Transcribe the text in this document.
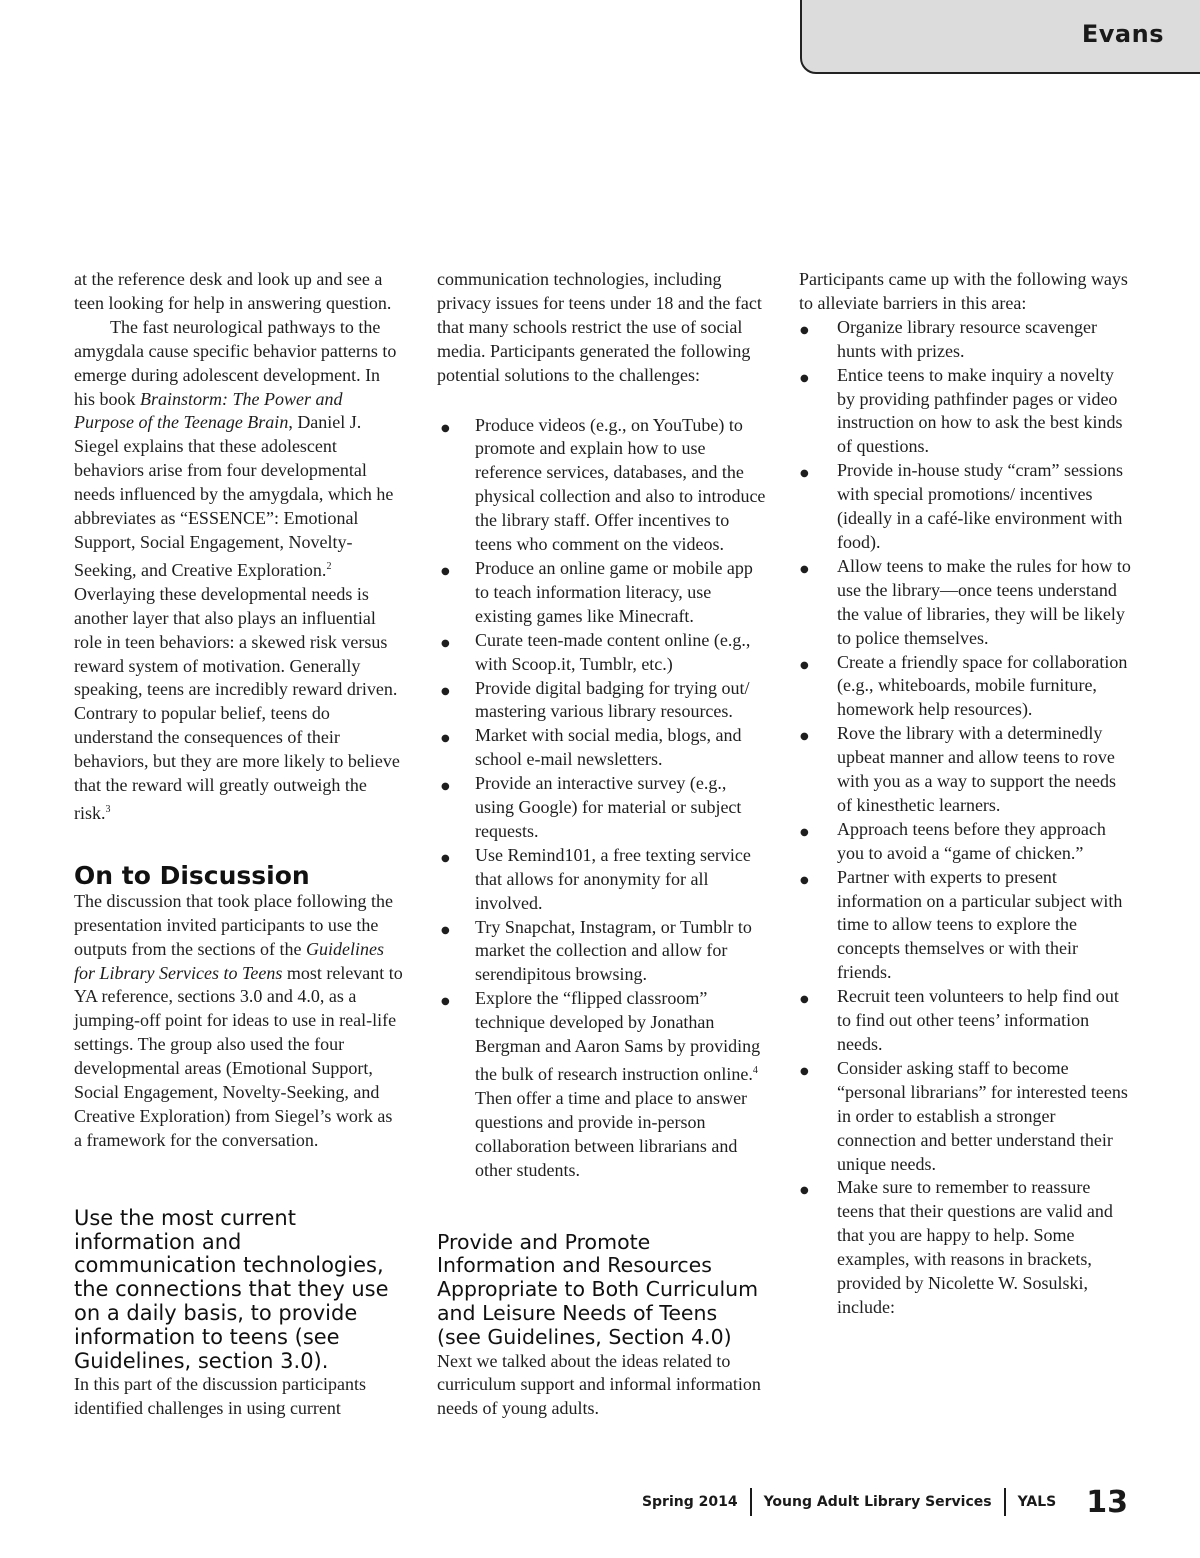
Evans

at the reference desk and look up and see a teen looking for help in answering question.

The fast neurological pathways to the amygdala cause specific behavior patterns to emerge during adolescent development. In his book Brainstorm: The Power and Purpose of the Teenage Brain, Daniel J. Siegel explains that these adolescent behaviors arise from four developmental needs influenced by the amygdala, which he abbreviates as “ESSENCE”: Emotional Support, Social Engagement, Novelty-Seeking, and Creative Exploration.$^2$ Overlaying these developmental needs is another layer that also plays an influential role in teen behaviors: a skewed risk versus reward system of motivation. Generally speaking, teens are incredibly reward driven. Contrary to popular belief, teens do understand the consequences of their behaviors, but they are more likely to believe that the reward will greatly outweigh the risk.$^3$

On to Discussion

The discussion that took place following the presentation invited participants to use the outputs from the sections of the Guidelines for Library Services to Teens most relevant to YA reference, sections 3.0 and 4.0, as a jumping-off point for ideas to use in real-life settings. The group also used the four developmental areas (Emotional Support, Social Engagement, Novelty-Seeking, and Creative Exploration) from Siegel’s work as a framework for the conversation.

Use the most current information and communication technologies, the connections that they use on a daily basis, to provide information to teens (see Guidelines, section 3.0).

In this part of the discussion participants identified challenges in using current

communication technologies, including privacy issues for teens under 18 and the fact that many schools restrict the use of social media. Participants generated the following potential solutions to the challenges:

● Produce videos (e.g., on YouTube) to promote and explain how to use reference services, databases, and the physical collection and also to introduce the library staff. Offer incentives to teens who comment on the videos.
● Produce an online game or mobile app to teach information literacy, use existing games like Minecraft.
● Curate teen-made content online (e.g., with Scoop.it, Tumblr, etc.)
● Provide digital badging for trying out/ mastering various library resources.
● Market with social media, blogs, and school e-mail newsletters.
● Provide an interactive survey (e.g., using Google) for material or subject requests.
● Use Remind101, a free texting service that allows for anonymity for all involved.
● Try Snapchat, Instagram, or Tumblr to market the collection and allow for serendipitous browsing.
● Explore the “flipped classroom” technique developed by Jonathan Bergman and Aaron Sams by providing the bulk of research instruction online.$^4$ Then offer a time and place to answer questions and provide in-person collaboration between librarians and other students.
Provide and Promote Information and Resources Appropriate to Both Curriculum and Leisure Needs of Teens (see Guidelines, Section 4.0)

Next we talked about the ideas related to curriculum support and informal information needs of young adults.

Participants came up with the following ways to alleviate barriers in this area:

● Organize library resource scavenger hunts with prizes.
● Entice teens to make inquiry a novelty by providing pathfinder pages or video instruction on how to ask the best kinds of questions.
● Provide in-house study “cram” sessions with special promotions/ incentives (ideally in a café-like environment with food).
● Allow teens to make the rules for how to use the library—once teens understand the value of libraries, they will be likely to police themselves.
● Create a friendly space for collaboration (e.g., whiteboards, mobile furniture, homework help resources).
● Rove the library with a determinedly upbeat manner and allow teens to rove with you as a way to support the needs of kinesthetic learners.
● Approach teens before they approach you to avoid a “game of chicken.”
● Partner with experts to present information on a particular subject with time to allow teens to explore the concepts themselves or with their friends.
● Recruit teen volunteers to help find out to find out other teens’ information needs.
● Consider asking staff to become “personal librarians” for interested teens in order to establish a stronger connection and better understand their unique needs.
● Make sure to remember to reassure teens that their questions are valid and that you are happy to help. Some examples, with reasons in brackets, provided by Nicolette W. Sosulski, include:
Spring 2014 Young Adult Library Services YALS 13
